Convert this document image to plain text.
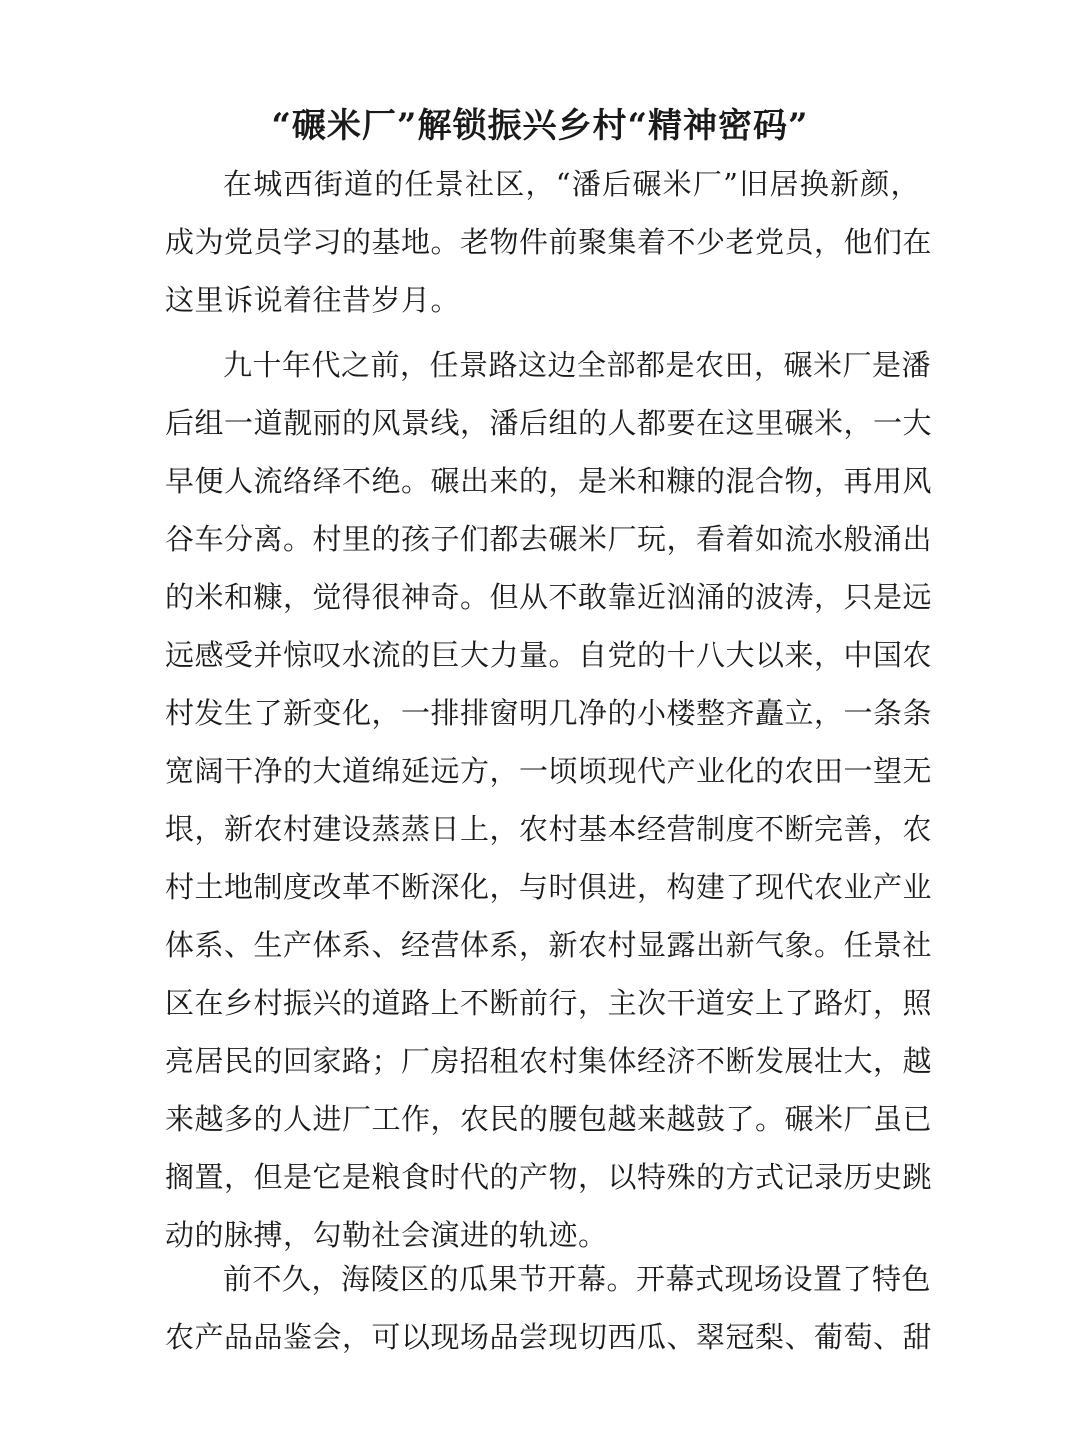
“碾米厂”解锁振兴乡村“精神密码”
在城西街道的任景社区，“潘后碾米厂”旧居换新颜，
成为党员学习的基地。老物件前聚集着不少老党员，他们在
这里诉说着往昔岁月。
九十年代之前，任景路这边全部都是农田，碾米厂是潘
后组一道靓丽的风景线，潘后组的人都要在这里碾米，一大
早便人流络绎不绝。碾出来的，是米和糠的混合物，再用风
谷车分离。村里的孩子们都去碾米厂玩，看着如流水般涌出
的米和糠，觉得很神奇。但从不敢靠近汹涌的波涛，只是远
远感受并惊叹水流的巨大力量。自党的十八大以来，中国农
村发生了新变化，一排排窗明几净的小楼整齐矗立，一条条
宽阔干净的大道绵延远方，一顷顷现代产业化的农田一望无
垠，新农村建设蒸蒸日上，农村基本经营制度不断完善，农
村土地制度改革不断深化，与时俱进，构建了现代农业产业
体系、生产体系、经营体系，新农村显露出新气象。任景社
区在乡村振兴的道路上不断前行，主次干道安上了路灯，照
亮居民的回家路；厂房招租农村集体经济不断发展壮大，越
来越多的人进厂工作，农民的腰包越来越鼓了。碾米厂虽已
搁置，但是它是粮食时代的产物，以特殊的方式记录历史跳
动的脉搏，勾勒社会演进的轨迹。
前不久，海陵区的瓜果节开幕。开幕式现场设置了特色
农产品品鉴会，可以现场品尝现切西瓜、翠冠梨、葡萄、甜
